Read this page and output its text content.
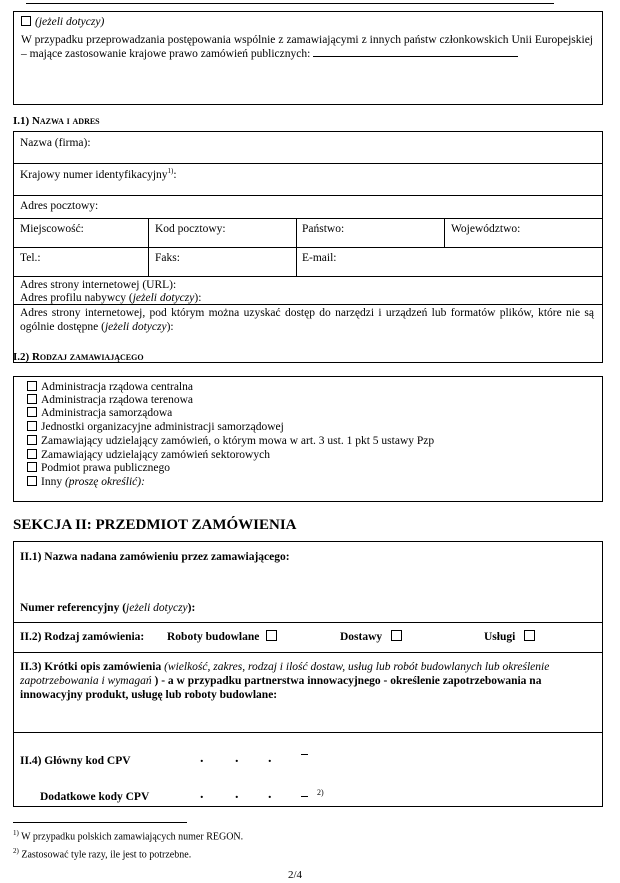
(jeżeli dotyczy)
W przypadku przeprowadzania postępowania wspólnie z zamawiającymi z innych państw członkowskich Unii Europejskiej – mające zastosowanie krajowe prawo zamówień publicznych:
I.1) Nazwa i adres
Nazwa (firma):
Krajowy numer identyfikacyjny$^{1)}$:
Adres pocztowy:
Miejscowość:	Kod pocztowy:	Państwo:	Województwo:
Tel.:	Faks:	E-mail:
Adres strony internetowej (URL):
Adres profilu nabywcy (jeżeli dotyczy):
Adres strony internetowej, pod którym można uzyskać dostęp do narzędzi i urządzeń lub formatów plików, które nie są ogólnie dostępne (jeżeli dotyczy):
I.2) Rodzaj zamawiającego
Administracja rządowa centralna
Administracja rządowa terenowa
Administracja samorządowa
Jednostki organizacyjne administracji samorządowej
Zamawiający udzielający zamówień, o którym mowa w art. 3 ust. 1 pkt 5 ustawy Pzp
Zamawiający udzielający zamówień sektorowych
Podmiot prawa publicznego
Inny (proszę określić):
SEKCJA II: PRZEDMIOT ZAMÓWIENIA
II.1) Nazwa nadana zamówieniu przez zamawiającego:
Numer referencyjny (jeżeli dotyczy):
II.2) Rodzaj zamówienia: Roboty budowlane	Dostawy	Usługi
II.3) Krótki opis zamówienia (wielkość, zakres, rodzaj i ilość dostaw, usług lub robót budowlanych lub określenie zapotrzebowania i wymagań ) - a w przypadku partnerstwa innowacyjnego - określenie zapotrzebowania na innowacyjny produkt, usługę lub roboty budowlane:
II.4) Główny kod CPV	. . .
Dodatkowe kody CPV	. . .	2)
$^{1)}$ W przypadku polskich zamawiających numer REGON.
$^{2)}$ Zastosować tyle razy, ile jest to potrzebne.
2/4
